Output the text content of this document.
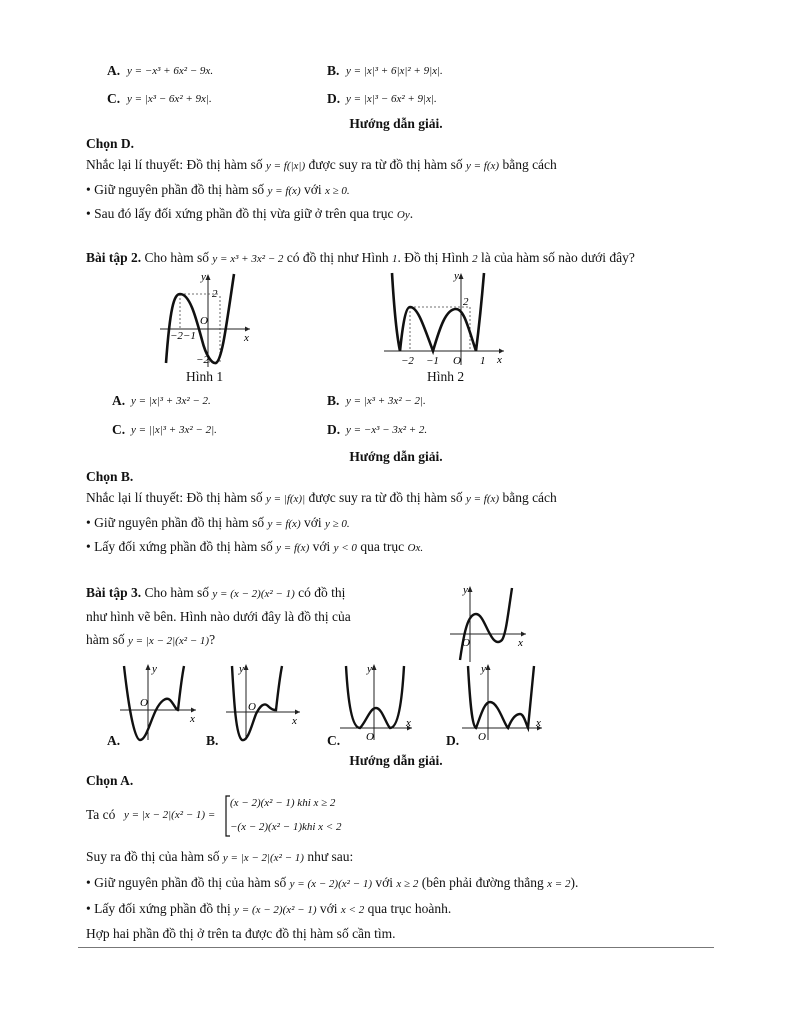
A. y = −x³ + 6x² − 9x.	B. y = |x|³ + 6|x|² + 9|x|.
C. y = |x³ − 6x² + 9x|.	D. y = |x|³ − 6x² + 9|x|.
Hướng dẫn giải.
Chọn D.
Nhắc lại lí thuyết: Đồ thị hàm số y = f(|x|) được suy ra từ đồ thị hàm số y = f(x) bằng cách
• Giữ nguyên phần đồ thị hàm số y = f(x) với x ≥ 0.
• Sau đó lấy đối xứng phần đồ thị vừa giữ ở trên qua trục Oy.
Bài tập 2. Cho hàm số y = x³ + 3x² − 2 có đồ thị như Hình 1. Đồ thị Hình 2 là của hàm số nào dưới đây?
y
x
O
2
−2−1
−2
Hình 1
y
x
O
2
−2 −1	1
Hình 2
A. y = |x|³ + 3x² − 2.	B. y = |x³ + 3x² − 2|.
C. y = ||x|³ + 3x² − 2|.	D. y = −x³ − 3x² + 2.
Hướng dẫn giải.
Chọn B.
Nhắc lại lí thuyết: Đồ thị hàm số y = |f(x)| được suy ra từ đồ thị hàm số y = f(x) bằng cách
• Giữ nguyên phần đồ thị hàm số y = f(x) với y ≥ 0.
• Lấy đối xứng phần đồ thị hàm số y = f(x) với y < 0 qua trục Ox.
Bài tập 3. Cho hàm số y = (x − 2)(x² − 1) có đồ thị
như hình vẽ bên. Hình nào dưới đây là đồ thị của
hàm số y = |x − 2|(x² − 1)?
y
x
O
y
x
O
A.
y
x
O
B.
y
x
O
C.
y
x
O
D.
Hướng dẫn giải.
Chọn A.
Ta có y = |x − 2|(x² − 1) =
(x − 2)(x² − 1) khi x ≥ 2
−(x − 2)(x² − 1)khi x < 2
Suy ra đồ thị của hàm số y = |x − 2|(x² − 1) như sau:
• Giữ nguyên phần đồ thị của hàm số y = (x − 2)(x² − 1) với x ≥ 2 (bên phải đường thẳng x = 2).
• Lấy đối xứng phần đồ thị y = (x − 2)(x² − 1) với x < 2 qua trục hoành.
Hợp hai phần đồ thị ở trên ta được đồ thị hàm số cần tìm.
